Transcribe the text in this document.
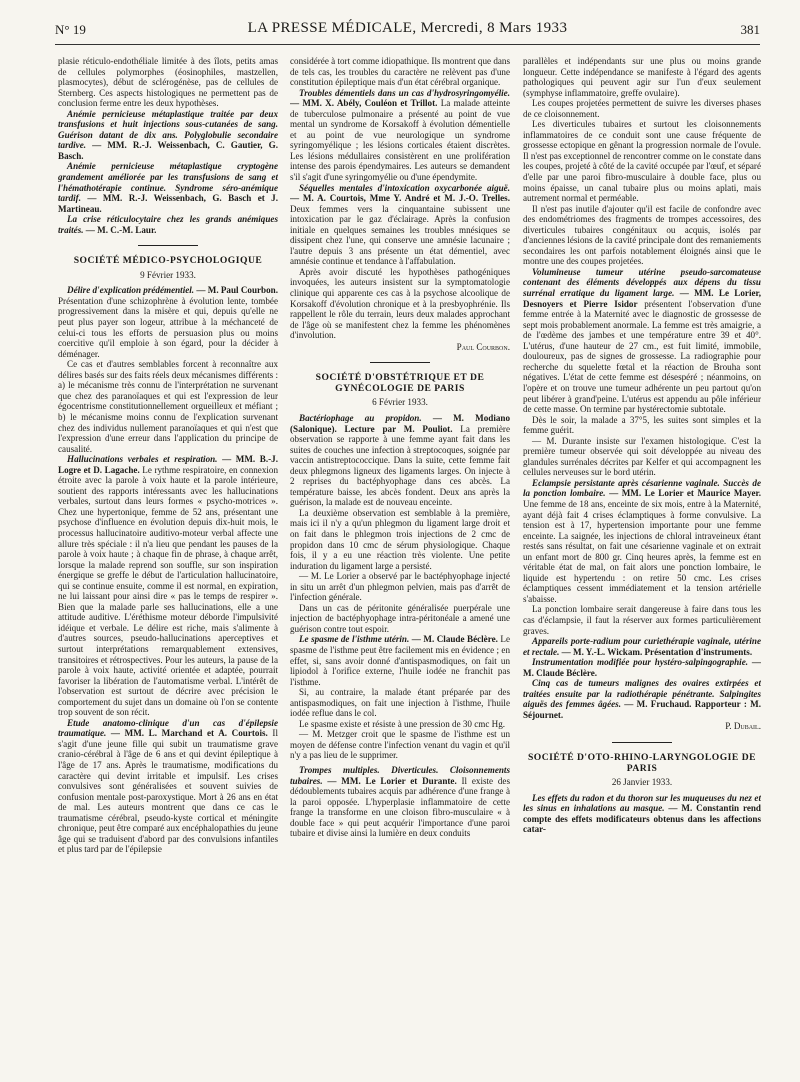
N° 19	LA PRESSE MÉDICALE, Mercredi, 8 Mars 1933	381

plasie réticulo-endothéliale limitée à des îlots, petits amas de cellules polymorphes (éosinophiles, mastzellen, plasmocytes), début de sclérogénèse, pas de cellules de Sternberg. Ces aspects histologiques ne permettent pas de conclusion ferme entre les deux hypothèses.

Anémie pernicieuse métaplastique traitée par deux transfusions et huit injections sous-cutanées de sang. Guérison datant de dix ans. Polyglobulie secondaire tardive. — MM. R.-J. Weissenbach, C. Gautier, G. Basch.

Anémie pernicieuse métaplastique cryptogène grandement améliorée par les transfusions de sang et l'hémathotérapie continue. Syndrome séro-anémique tardif. — MM. R.-J. Weissenbach, G. Basch et J. Martineau.

La crise réticulocytaire chez les grands anémiques traités. — M. C.-M. Laur.

SOCIÉTÉ MÉDICO-PSYCHOLOGIQUE
9 Février 1933.

Délire d'explication prédémentiel. — M. Paul Courbon. Présentation d'une schizophrène à évolution lente, tombée progressivement dans la misère et qui, depuis qu'elle ne peut plus payer son logeur, attribue à la méchanceté de celui-ci tous les efforts de persuasion plus ou moins coercitive qu'il emploie à son égard, pour la décider à déménager.

Ce cas et d'autres semblables forcent à reconnaître aux délires basés sur des faits réels deux mécanismes différents : a) le mécanisme très connu de l'interprétation ne survenant que chez des paranoïaques et qui est l'expression de leur égocentrisme constitutionnellement orgueilleux et méfiant ; b) le mécanisme moins connu de l'explication survenant chez des individus nullement paranoïaques et qui n'est que l'expression d'une erreur dans l'application du principe de causalité.

Hallucinations verbales et respiration. — MM. B.-J. Logre et D. Lagache. Le rythme respiratoire, en connexion étroite avec la parole à voix haute et la parole intérieure, soutient des rapports intéressants avec les hallucinations verbales, surtout dans leurs formes « psycho-motrices ». Chez une hypertonique, femme de 52 ans, présentant une psychose d'influence en évolution depuis dix-huit mois, le processus hallucinatoire auditivo-moteur verbal affecte une allure très spéciale : il n'a lieu que pendant les pauses de la parole à voix haute ; à chaque fin de phrase, à chaque arrêt, lorsque la malade reprend son souffle, sur son inspiration énergique se greffe le début de l'articulation hallucinatoire, qui se continue ensuite, comme il est normal, en expiration, ne lui laissant pour ainsi dire « pas le temps de respirer ». Bien que la malade parle ses hallucinations, elle a une attitude auditive. L'éréthisme moteur déborde l'impulsivité idéique et verbale. Le délire est riche, mais s'alimente à d'autres sources, pseudo-hallucinations aperceptives et surtout interprétations remarquablement extensives, transitoires et rétrospectives. Pour les auteurs, la pause de la parole à voix haute, activité orientée et adaptée, pourrait favoriser la libération de l'automatisme verbal. L'intérêt de l'observation est surtout de décrire avec précision le comportement du sujet dans un domaine où l'on se contente trop souvent de son récit.

Etude anatomo-clinique d'un cas d'épilepsie traumatique. — MM. L. Marchand et A. Courtois. Il s'agit d'une jeune fille qui subit un traumatisme grave cranio-cérébral à l'âge de 6 ans et qui devint épileptique à l'âge de 17 ans. Après le traumatisme, modifications du caractère qui devint irritable et impulsif. Les crises convulsives sont généralisées et souvent suivies de confusion mentale post-paroxystique. Mort à 26 ans en état de mal. Les auteurs montrent que dans ce cas le traumatisme cérébral, pseudo-kyste cortical et méningite chronique, peut être comparé aux encéphalopathies du jeune âge qui se traduisent d'abord par des convulsions infantiles et plus tard par de l'épilepsie

considérée à tort comme idiopathique. Ils montrent que dans de tels cas, les troubles du caractère ne relèvent pas d'une constitution épileptique mais d'un état cérébral organique.

Troubles démentiels dans un cas d'hydrosyringomyélie. — MM. X. Abély, Couléon et Trillot. La malade atteinte de tuberculose pulmonaire a présenté au point de vue mental un syndrome de Korsakoff à évolution démentielle et au point de vue neurologique un syndrome syringomyélique ; les lésions corticales étaient discrètes. Les lésions médullaires consistèrent en une prolifération intense des parois épendymaires. Les auteurs se demandent s'il s'agit d'une syringomyélie ou d'une épendymite.

Séquelles mentales d'intoxication oxycarbonée aiguë. — M. A. Courtois, Mme Y. André et M. J.-O. Trelles. Deux femmes vers la cinquantaine subissent une intoxication par le gaz d'éclairage. Après la confusion initiale en quelques semaines les troubles mnésiques se dissipent chez l'une, qui conserve une amnésie lacunaire ; l'autre depuis 3 ans présente un état démentiel, avec amnésie continue et tendance à l'affabulation.

Après avoir discuté les hypothèses pathogéniques invoquées, les auteurs insistent sur la symptomatologie clinique qui apparente ces cas à la psychose alcoolique de Korsakoff d'évolution chronique et à la presbyophrénie. Ils rappellent le rôle du terrain, leurs deux malades approchant de l'âge où se manifestent chez la femme les phénomènes d'involution.

Paul Courbon.
SOCIÉTÉ D'OBSTÉTRIQUE ET DE GYNÉCOLOGIE DE PARIS
6 Février 1933.

Bactériophage au propidon. — M. Modiano (Salonique). Lecture par M. Pouliot. La première observation se rapporte à une femme ayant fait dans les suites de couches une infection à streptocoques, soignée par vaccin antistreptococcique. Dans la suite, cette femme fait deux phlegmons ligneux des ligaments larges. On injecte à 2 reprises du bactéphyophage dans ces abcès. La température baisse, les abcès fondent. Deux ans après la guérison, la malade est de nouveau enceinte.

La deuxième observation est semblable à la première, mais ici il n'y a qu'un phlegmon du ligament large droit et on fait dans le phlegmon trois injections de 2 cmc de propidon dans 10 cmc de sérum physiologique. Chaque fois, il y a eu une réaction très violente. Une petite induration du ligament large a persisté.

— M. Le Lorier a observé par le bactéphyophage injecté in situ un arrêt d'un phlegmon pelvien, mais pas d'arrêt de l'infection générale.

Dans un cas de péritonite généralisée puerpérale une injection de bactéphyophage intra-péritonéale a amené une guérison contre tout espoir.

Le spasme de l'isthme utérin. — M. Claude Béclère. Le spasme de l'isthme peut être facilement mis en évidence ; en effet, si, sans avoir donné d'antispasmodiques, on fait un lipiodol à l'orifice externe, l'huile iodée ne franchit pas l'isthme.

Si, au contraire, la malade étant préparée par des antispasmodiques, on fait une injection à l'isthme, l'huile iodée reflue dans le col.

Le spasme existe et résiste à une pression de 30 cmc Hg.

— M. Metzger croit que le spasme de l'isthme est un moyen de défense contre l'infection venant du vagin et qu'il n'y a pas lieu de le supprimer.

Trompes multiples. Diverticules. Cloisonnements tubaires. — MM. Le Lorier et Durante. Il existe des dédoublements tubaires acquis par adhérence d'une frange à la paroi opposée. L'hyperplasie inflammatoire de cette frange la transforme en une cloison fibro-musculaire « à double face » qui peut acquérir l'importance d'une paroi tubaire et divise ainsi la lumière en deux conduits

parallèles et indépendants sur une plus ou moins grande longueur. Cette indépendance se manifeste à l'égard des agents pathologiques qui peuvent agir sur l'un d'eux seulement (symphyse inflammatoire, greffe ovulaire).

Les coupes projetées permettent de suivre les diverses phases de ce cloisonnement.

Les diverticules tubaires et surtout les cloisonnements inflammatoires de ce conduit sont une cause fréquente de grossesse ectopique en gênant la progression normale de l'ovule. Il n'est pas exceptionnel de rencontrer comme on le constate dans les coupes, projeté à côté de la cavité occupée par l'œuf, et séparé d'elle par une paroi fibro-musculaire à double face, plus ou moins épaisse, un canal tubaire plus ou moins aplati, mais autrement normal et perméable.

Il n'est pas inutile d'ajouter qu'il est facile de confondre avec des endométriomes des fragments de trompes accessoires, des diverticules tubaires congénitaux ou acquis, isolés par d'anciennes lésions de la cavité principale dont des remaniements secondaires les ont parfois notablement éloignés ainsi que le montre une des coupes projetées.

Volumineuse tumeur utérine pseudo-sarcomateuse contenant des éléments développés aux dépens du tissu surrénal erratique du ligament large. — MM. Le Lorier, Desnoyers et Pierre Isidor présentent l'observation d'une femme entrée à la Maternité avec le diagnostic de grossesse de sept mois probablement anormale. La femme est très amaigrie, a de l'œdème des jambes et une température entre 39 et 40°. L'utérus, d'une hauteur de 27 cm., est fuit limité, immobile, douloureux, pas de signes de grossesse. La radiographie pour recherche du squelette fœtal et la réaction de Brouha sont négatives. L'état de cette femme est désespéré ; néanmoins, on l'opère et on trouve une tumeur adhérente un peu partout qu'on peut libérer à grand'peine. L'utérus est appendu au pôle inférieur de cette masse. On termine par hystérectomie subtotale.

Dès le soir, la malade a 37°5, les suites sont simples et la femme guérit.

— M. Durante insiste sur l'examen histologique. C'est la première tumeur observée qui soit développée au niveau des glandules surrénales décrites par Kelfer et qui accompagnent les cellules nerveuses sur le bord utérin.

Eclampsie persistante après césarienne vaginale. Succès de la ponction lombaire. — MM. Le Lorier et Maurice Mayer. Une femme de 18 ans, enceinte de six mois, entre à la Maternité, ayant déjà fait 4 crises éclamptiques à forme convulsive. La tension est à 17, hypertension importante pour une femme enceinte. La saignée, les injections de chloral intraveineux étant restés sans résultat, on fait une césarienne vaginale et on extrait un enfant mort de 800 gr. Cinq heures après, la femme est en véritable état de mal, on fait alors une ponction lombaire, le liquide est hypertendu : on retire 50 cmc. Les crises éclamptiques cessent immédiatement et la tension artérielle s'abaisse.

La ponction lombaire serait dangereuse à faire dans tous les cas d'éclampsie, il faut la réserver aux formes particulièrement graves.

Appareils porte-radium pour curiethérapie vaginale, utérine et rectale. — M. Y.-L. Wickam. Présentation d'instruments.

Instrumentation modifiée pour hystéro-salpingographie. — M. Claude Béclère.

Cinq cas de tumeurs malignes des ovaires extirpées et traitées ensuite par la radiothérapie pénétrante. Salpingites aiguës des femmes âgées. — M. Fruchaud. Rapporteur : M. Séjournet.

P. Dubail.
SOCIÉTÉ D'OTO-RHINO-LARYNGOLOGIE DE PARIS
26 Janvier 1933.

Les effets du radon et du thoron sur les muqueuses du nez et les sinus en inhalations au masque. — M. Constantin rend compte des effets modificateurs obtenus dans les affections catar-
